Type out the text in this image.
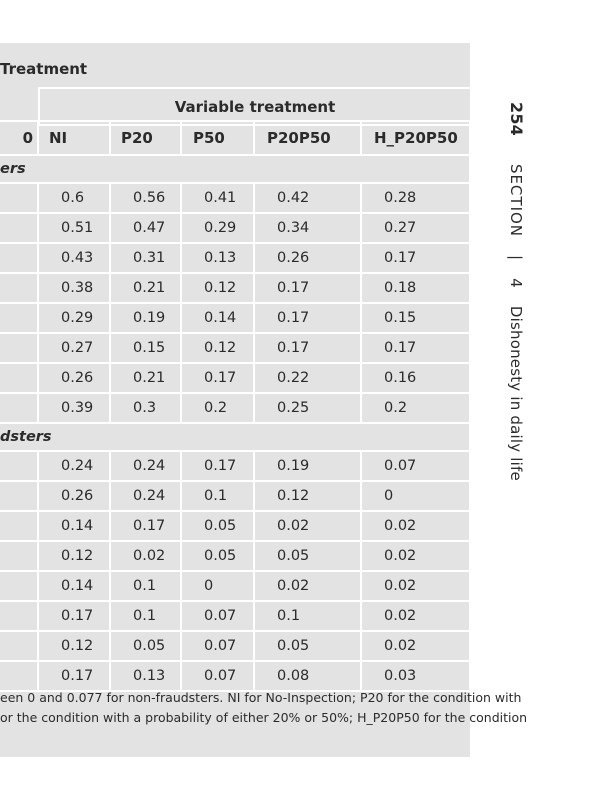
Treatment
Variable treatment
0	NI	P20	P50	P20P50	H_P20P50
ers					
	0.6	0.56	0.41	0.42	0.28
	0.51	0.47	0.29	0.34	0.27
	0.43	0.31	0.13	0.26	0.17
	0.38	0.21	0.12	0.17	0.18
	0.29	0.19	0.14	0.17	0.15
	0.27	0.15	0.12	0.17	0.17
	0.26	0.21	0.17	0.22	0.16
	0.39	0.3	0.2	0.25	0.2
dsters					
	0.24	0.24	0.17	0.19	0.07
	0.26	0.24	0.1	0.12	0
	0.14	0.17	0.05	0.02	0.02
	0.12	0.02	0.05	0.05	0.02
	0.14	0.1	0	0.02	0.02
	0.17	0.1	0.07	0.1	0.02
	0.12	0.05	0.07	0.05	0.02
	0.17	0.13	0.07	0.08	0.03
een 0 and 0.077 for non-fraudsters. NI for No-Inspection; P20 for the condition with
or the condition with a probability of either 20% or 50%; H_P20P50 for the condition
254  SECTION  |  4  Dishonesty in daily life
